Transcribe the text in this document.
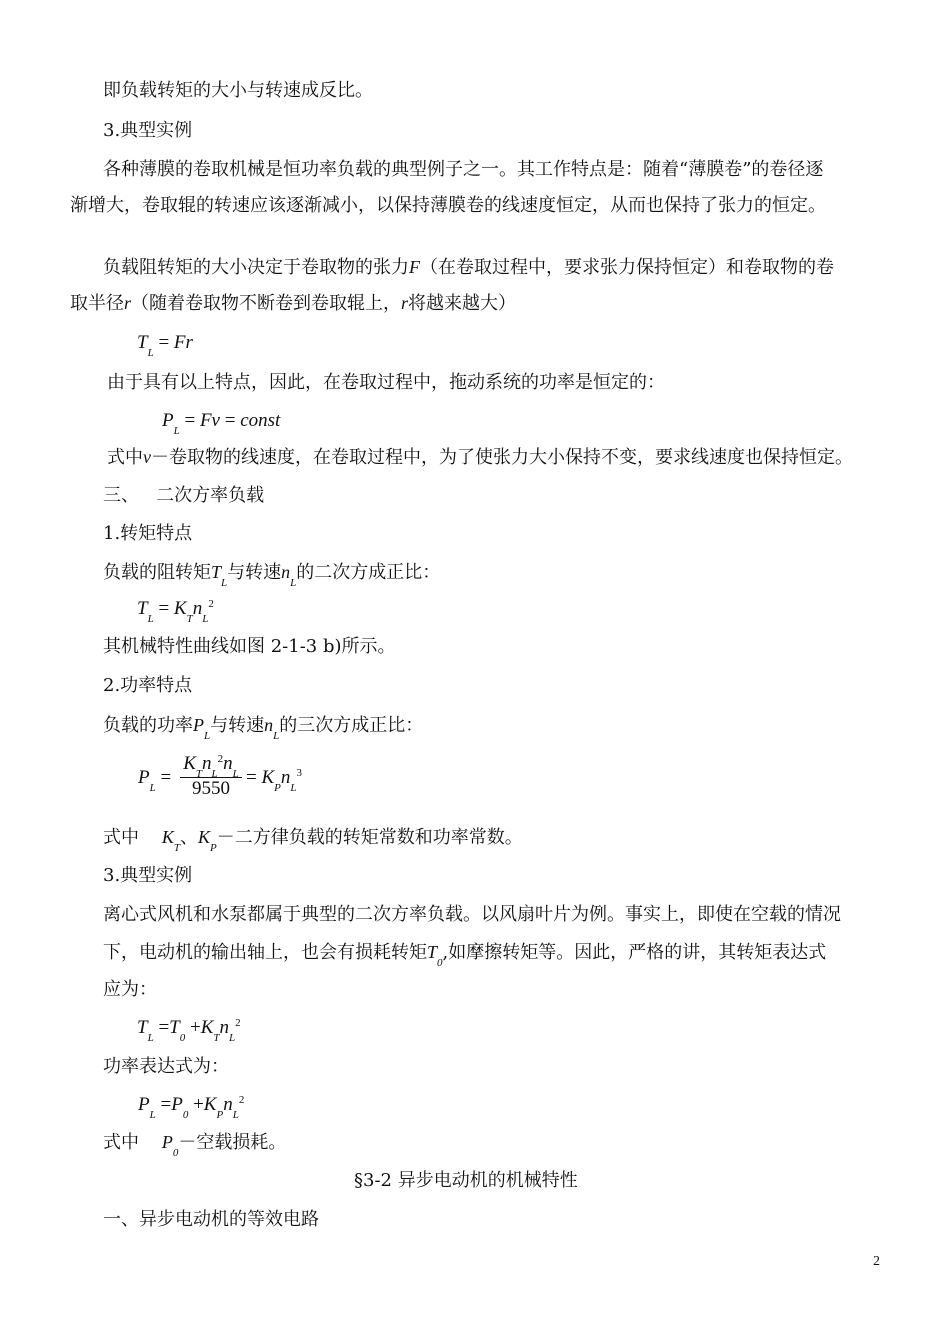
即负载转矩的大小与转速成反比。
3.典型实例
各种薄膜的卷取机械是恒功率负载的典型例子之一。其工作特点是：随着“薄膜卷”的卷径逐
渐增大，卷取辊的转速应该逐渐减小，以保持薄膜卷的线速度恒定，从而也保持了张力的恒定。
负载阻转矩的大小决定于卷取物的张力F（在卷取过程中，要求张力保持恒定）和卷取物的卷
取半径r（随着卷取物不断卷到卷取辊上，r将越来越大）
$T_L = Fr$
由于具有以上特点，因此，在卷取过程中，拖动系统的功率是恒定的：
$P_L = Fv$ = const
式中v－卷取物的线速度，在卷取过程中，为了使张力大小保持不变，要求线速度也保持恒定。
三、   二次方率负载
1.转矩特点
负载的阻转矩$T_L$与转速$n_L$的二次方成正比：
$T_L = K_Tn_L^2$
其机械特性曲线如图 2-1-3 b)所示。
2.功率特点
负载的功率$P_L$与转速$n_L$的三次方成正比：
$P_L$ =
$K_Tn_L^2n_L$
9550
= $K_Pn_L^3$
式中 $K_T$、$K_P-$二方律负载的转矩常数和功率常数。
3.典型实例
离心式风机和水泵都属于典型的二次方率负载。以风扇叶片为例。事实上，即使在空载的情况
下，电动机的输出轴上，也会有损耗转矩$T_0$,如摩擦转矩等。因此，严格的讲，其转矩表达式
应为：
$T_L =T_0 +K_Tn_L^2$
功率表达式为：
$P_L =P_0 +K_Pn_L^2$
式中 $P_0-$空载损耗。
§3-2 异步电动机的机械特性
一、异步电动机的等效电路
2
